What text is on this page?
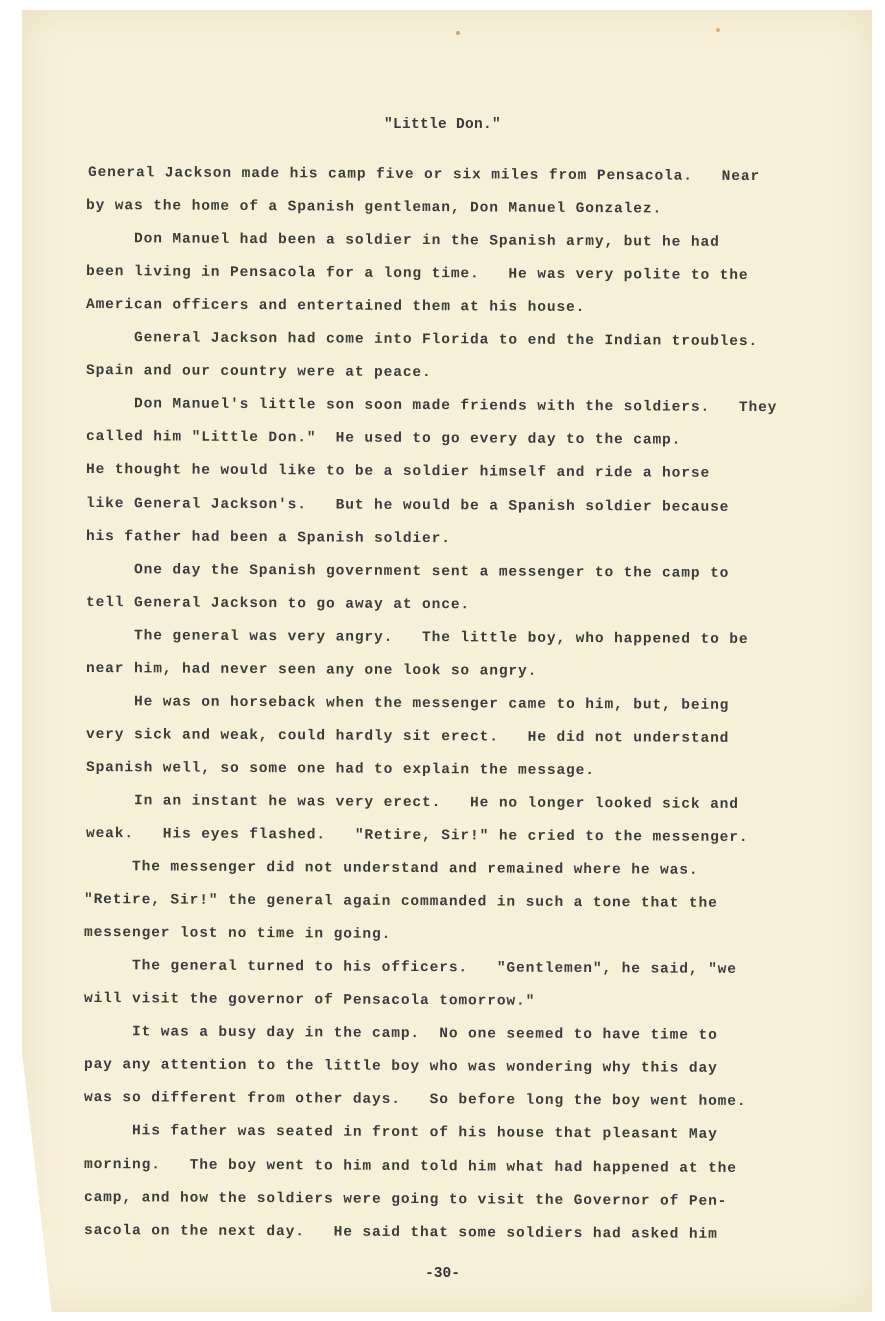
"Little Don."
General Jackson made his camp five or six miles from Pensacola.   Near
by was the home of a Spanish gentleman, Don Manuel Gonzalez.
Don Manuel had been a soldier in the Spanish army, but he had
been living in Pensacola for a long time.   He was very polite to the
American officers and entertained them at his house.
General Jackson had come into Florida to end the Indian troubles.
Spain and our country were at peace.
Don Manuel's little son soon made friends with the soldiers.   They
called him "Little Don."  He used to go every day to the camp.
He thought he would like to be a soldier himself and ride a horse
like General Jackson's.   But he would be a Spanish soldier because
his father had been a Spanish soldier.
One day the Spanish government sent a messenger to the camp to
tell General Jackson to go away at once.
The general was very angry.   The little boy, who happened to be
near him, had never seen any one look so angry.
He was on horseback when the messenger came to him, but, being
very sick and weak, could hardly sit erect.   He did not understand
Spanish well, so some one had to explain the message.
In an instant he was very erect.   He no longer looked sick and
weak.   His eyes flashed.   "Retire, Sir!" he cried to the messenger.
The messenger did not understand and remained where he was.
"Retire, Sir!" the general again commanded in such a tone that the
messenger lost no time in going.
The general turned to his officers.   "Gentlemen", he said, "we
will visit the governor of Pensacola tomorrow."
It was a busy day in the camp.  No one seemed to have time to
pay any attention to the little boy who was wondering why this day
was so different from other days.   So before long the boy went home.
His father was seated in front of his house that pleasant May
morning.   The boy went to him and told him what had happened at the
camp, and how the soldiers were going to visit the Governor of Pen-
sacola on the next day.   He said that some soldiers had asked him
-30-
